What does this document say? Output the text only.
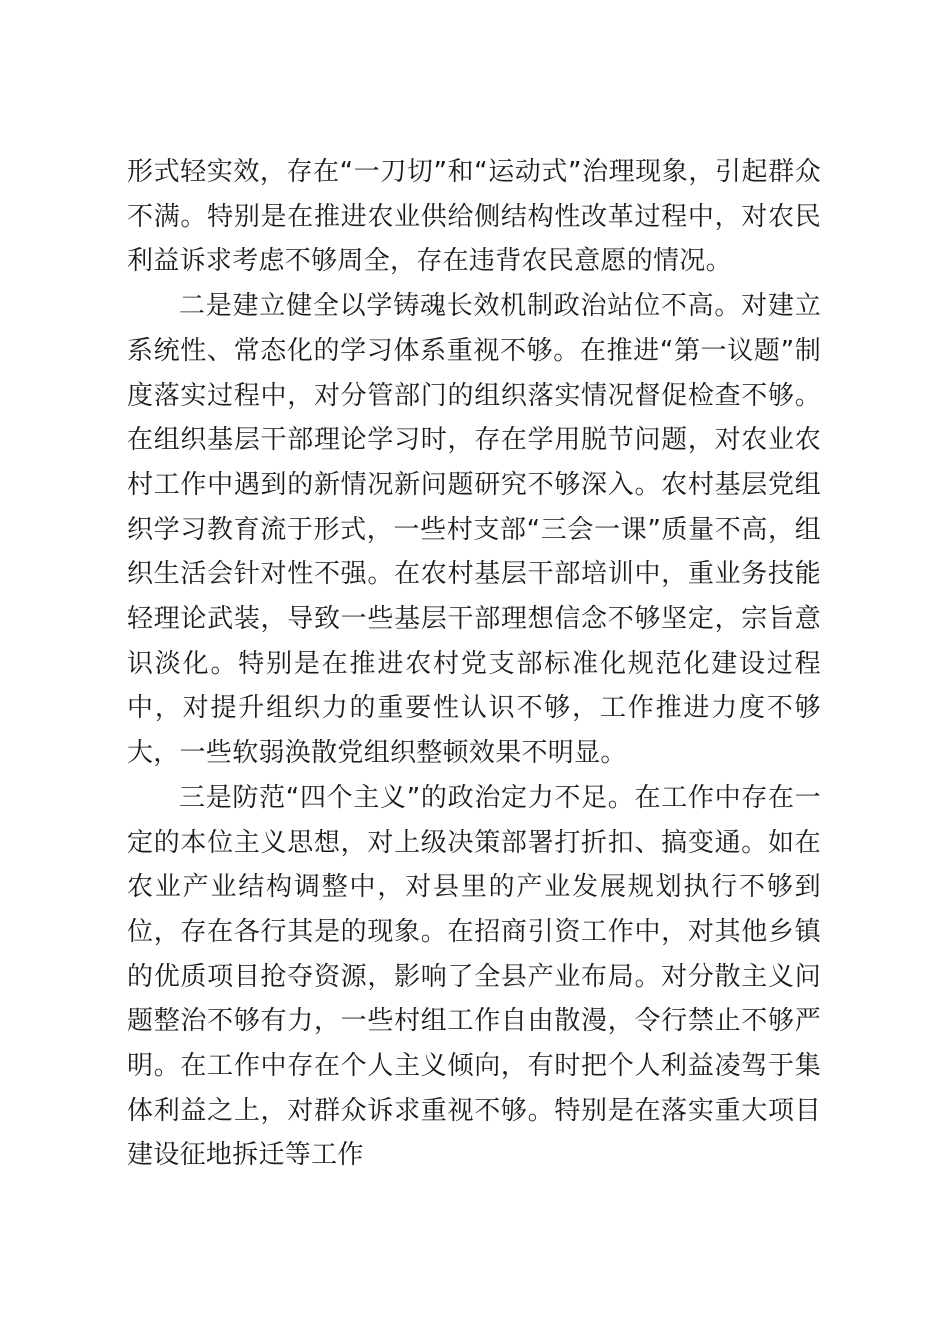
形式轻实效，存在“一刀切”和“运动式”治理现象，引起群众不满。特别是在推进农业供给侧结构性改革过程中，对农民利益诉求考虑不够周全，存在违背农民意愿的情况。

二是建立健全以学铸魂长效机制政治站位不高。对建立系统性、常态化的学习体系重视不够。在推进“第一议题”制度落实过程中，对分管部门的组织落实情况督促检查不够。在组织基层干部理论学习时，存在学用脱节问题，对农业农村工作中遇到的新情况新问题研究不够深入。农村基层党组织学习教育流于形式，一些村支部“三会一课”质量不高，组织生活会针对性不强。在农村基层干部培训中，重业务技能轻理论武装，导致一些基层干部理想信念不够坚定，宗旨意识淡化。特别是在推进农村党支部标准化规范化建设过程中，对提升组织力的重要性认识不够，工作推进力度不够大，一些软弱涣散党组织整顿效果不明显。

三是防范“四个主义”的政治定力不足。在工作中存在一定的本位主义思想，对上级决策部署打折扣、搞变通。如在农业产业结构调整中，对县里的产业发展规划执行不够到位，存在各行其是的现象。在招商引资工作中，对其他乡镇的优质项目抢夺资源，影响了全县产业布局。对分散主义问题整治不够有力，一些村组工作自由散漫，令行禁止不够严明。在工作中存在个人主义倾向，有时把个人利益凌驾于集体利益之上，对群众诉求重视不够。特别是在落实重大项目建设征地拆迁等工作
